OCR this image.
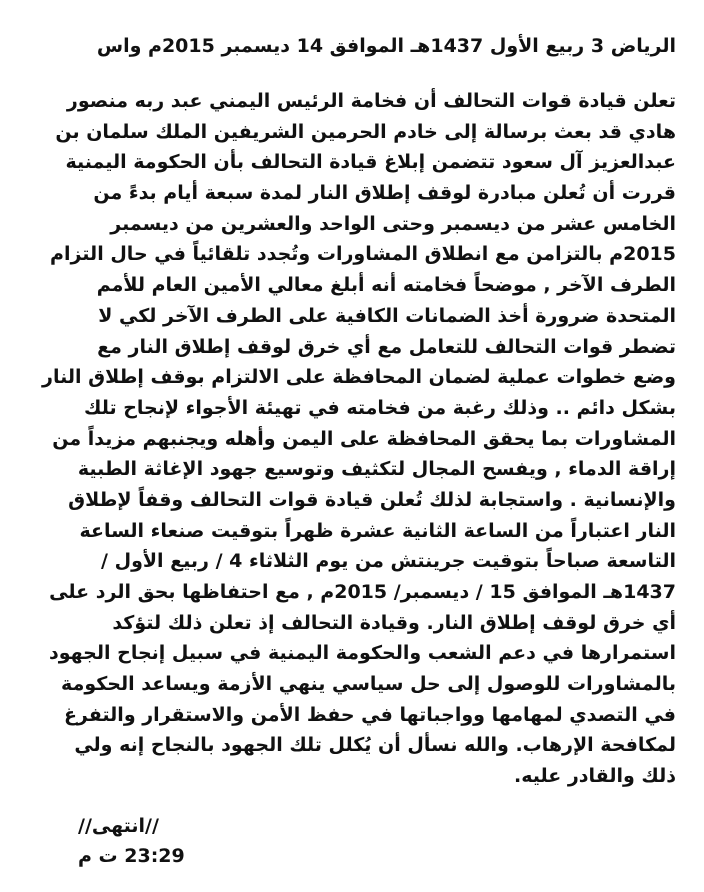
الرياض 3 ربيع الأول 1437هـ الموافق 14 ديسمبر 2015م واس
تعلن قيادة قوات التحالف أن فخامة الرئيس اليمني عبد ربه منصور
هادي قد بعث برسالة إلى خادم الحرمين الشريفين الملك سلمان بن
عبدالعزيز آل سعود تتضمن إبلاغ قيادة التحالف بأن الحكومة اليمنية
قررت أن تُعلن مبادرة لوقف إطلاق النار لمدة سبعة أيام بدءً من
الخامس عشر من ديسمبر وحتى الواحد والعشرين من ديسمبر
2015م بالتزامن مع انطلاق المشاورات وتُجدد تلقائياً في حال التزام
الطرف الآخر , موضحاً فخامته أنه أبلغ معالي الأمين العام للأمم
المتحدة ضرورة أخذ الضمانات الكافية على الطرف الآخر لكي لا
تضطر قوات التحالف للتعامل مع أي خرق لوقف إطلاق النار مع
وضع خطوات عملية لضمان المحافظة على الالتزام بوقف إطلاق النار
بشكل دائم .. وذلك رغبة من فخامته في تهيئة الأجواء لإنجاح تلك
المشاورات بما يحقق المحافظة على اليمن وأهله ويجنبهم مزيداً من
إراقة الدماء , ويفسح المجال لتكثيف وتوسيع جهود الإغاثة الطبية
والإنسانية . واستجابة لذلك تُعلن قيادة قوات التحالف وقفاً لإطلاق
النار اعتباراً من الساعة الثانية عشرة ظهراً بتوقيت صنعاء الساعة
التاسعة صباحاً بتوقيت جرينتش من يوم الثلاثاء 4 / ربيع الأول /
1437هـ الموافق 15 / ديسمبر/ 2015م , مع احتفاظها بحق الرد على
أي خرق لوقف إطلاق النار. وقيادة التحالف إذ تعلن ذلك لتؤكد
استمرارها في دعم الشعب والحكومة اليمنية في سبيل إنجاح الجهود
بالمشاورات للوصول إلى حل سياسي ينهي الأزمة ويساعد الحكومة
في التصدي لمهامها وواجباتها في حفظ الأمن والاستقرار والتفرغ
لمكافحة الإرهاب. والله نسأل أن يُكلل تلك الجهود بالنجاح إنه ولي
ذلك والقادر عليه.
//انتهى//
23:29 ت م
